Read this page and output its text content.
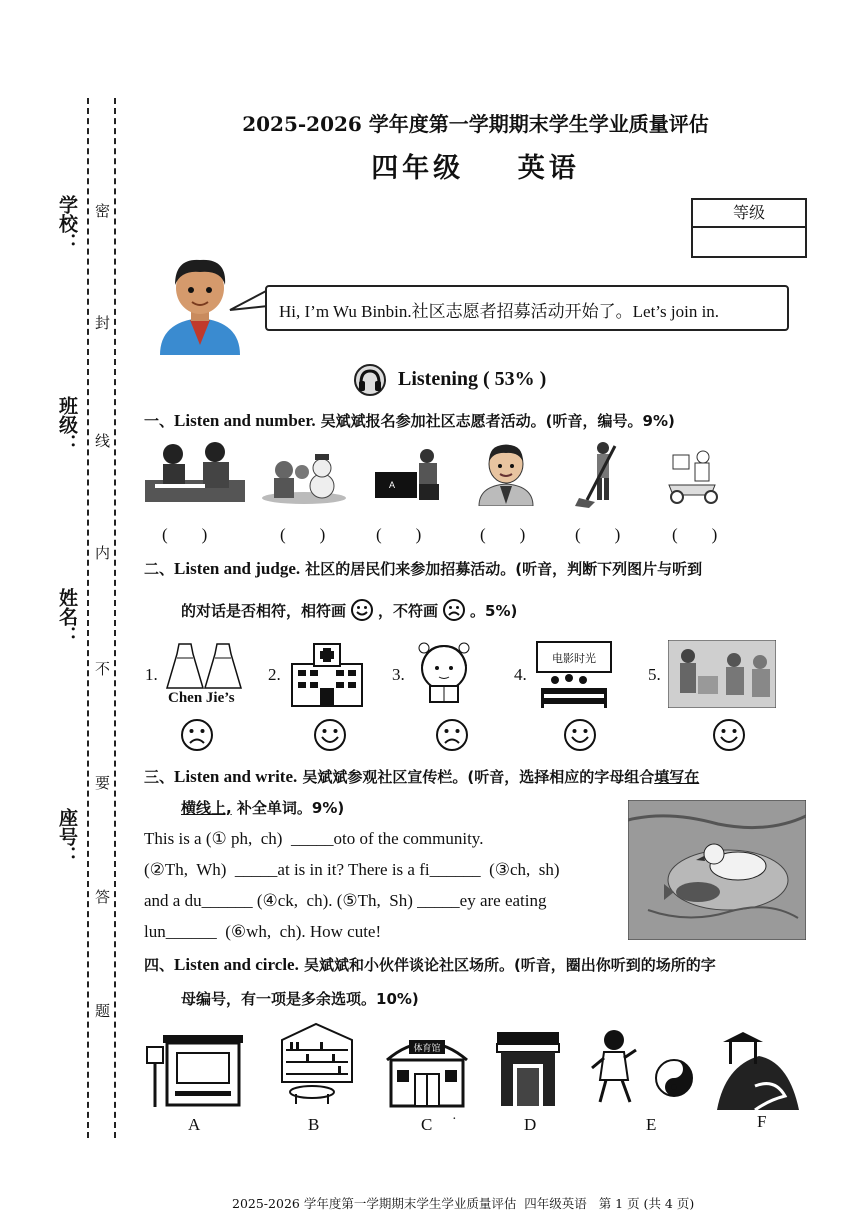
学校：
班级：
姓名：
座号：
密
封
线
内
不
要
答
题
2025-2026 学年度第一学期期末学生学业质量评估
四年级    英语
等级
Hi, I’m Wu Binbin.社区志愿者招募活动开始了。Let’s join in.
Listening ( 53% )
一、Listen and number. 吴斌斌报名参加社区志愿者活动。(听音，编号。9%)
A
(        )	(        )	(        )	(        )	(        )	(        )
二、Listen and judge. 社区的居民们来参加招募活动。(听音，判断下列图片与听到
的对话是否相符，相符画 ，不符画 。5%)
1.
Chen Jie’s
2.	3.	4.
电影时光
5.
三、Listen and write. 吴斌斌参观社区宣传栏。(听音，选择相应的字母组合填写在
横线上, 补全单词。9%)
This is a (① ph,  ch)  _____oto of the community.
(②Th,  Wh)  _____at is in it? There is a fi______  (③ch,  sh)
and a du______ (④ck,  ch). (⑤Th,  Sh) _____ey are eating
lun______  (⑥wh,  ch). How cute!
四、Listen and circle. 吴斌斌和小伙伴谈论社区场所。(听音，圈出你听到的场所的字
母编号，有一项是多余选项。10%)
体育馆
A	B	C ·	D	E	F
2025-2026 学年度第一学期期末学生学业质量评估  四年级英语   第 1 页 (共 4 页)
